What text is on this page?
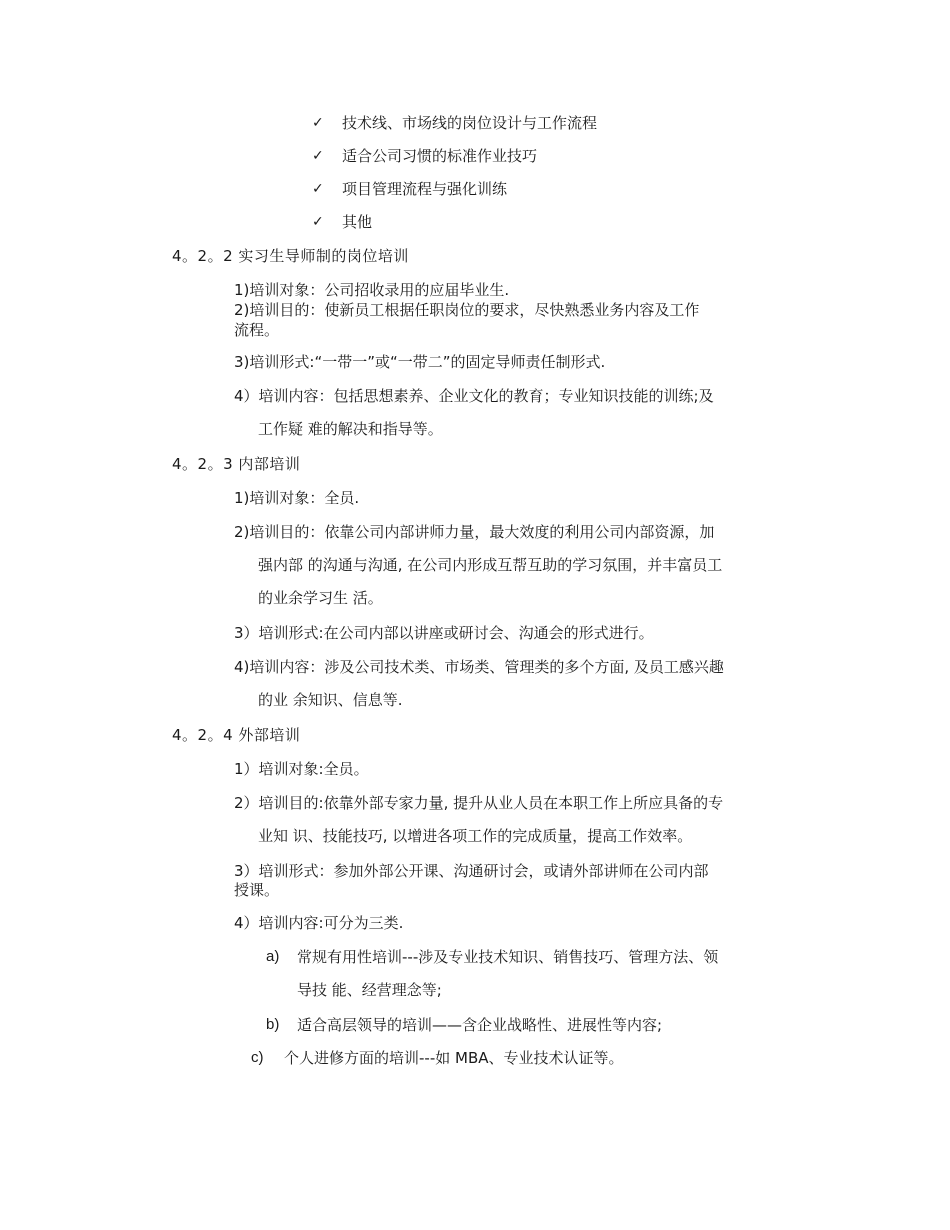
✓ 技术线、市场线的岗位设计与工作流程
✓ 适合公司习惯的标准作业技巧
✓ 项目管理流程与强化训练
✓ 其他
4。2。2 实习生导师制的岗位培训
1)培训对象：公司招收录用的应届毕业生.
2)培训目的：使新员工根据任职岗位的要求，尽快熟悉业务内容及工作
流程。
3)培训形式:“一带一”或“一带二”的固定导师责任制形式.
4）培训内容：包括思想素养、企业文化的教育；专业知识技能的训练;及
工作疑 难的解决和指导等。
4。2。3 内部培训
1)培训对象：全员.
2)培训目的：依靠公司内部讲师力量，最大效度的利用公司内部资源，加
强内部 的沟通与沟通, 在公司内形成互帮互助的学习氛围，并丰富员工
的业余学习生 活。
3）培训形式:在公司内部以讲座或研讨会、沟通会的形式进行。
4)培训内容：涉及公司技术类、市场类、管理类的多个方面, 及员工感兴趣
的业 余知识、信息等.
4。2。4 外部培训
1）培训对象:全员。
2）培训目的:依靠外部专家力量, 提升从业人员在本职工作上所应具备的专
业知 识、技能技巧, 以增进各项工作的完成质量，提高工作效率。
3）培训形式：参加外部公开课、沟通研讨会，或请外部讲师在公司内部
授课。
4）培训内容:可分为三类.
a) 常规有用性培训---涉及专业技术知识、销售技巧、管理方法、领
导技 能、经营理念等;
b) 适合高层领导的培训——含企业战略性、进展性等内容;
c) 个人进修方面的培训---如 MBA、专业技术认证等。
